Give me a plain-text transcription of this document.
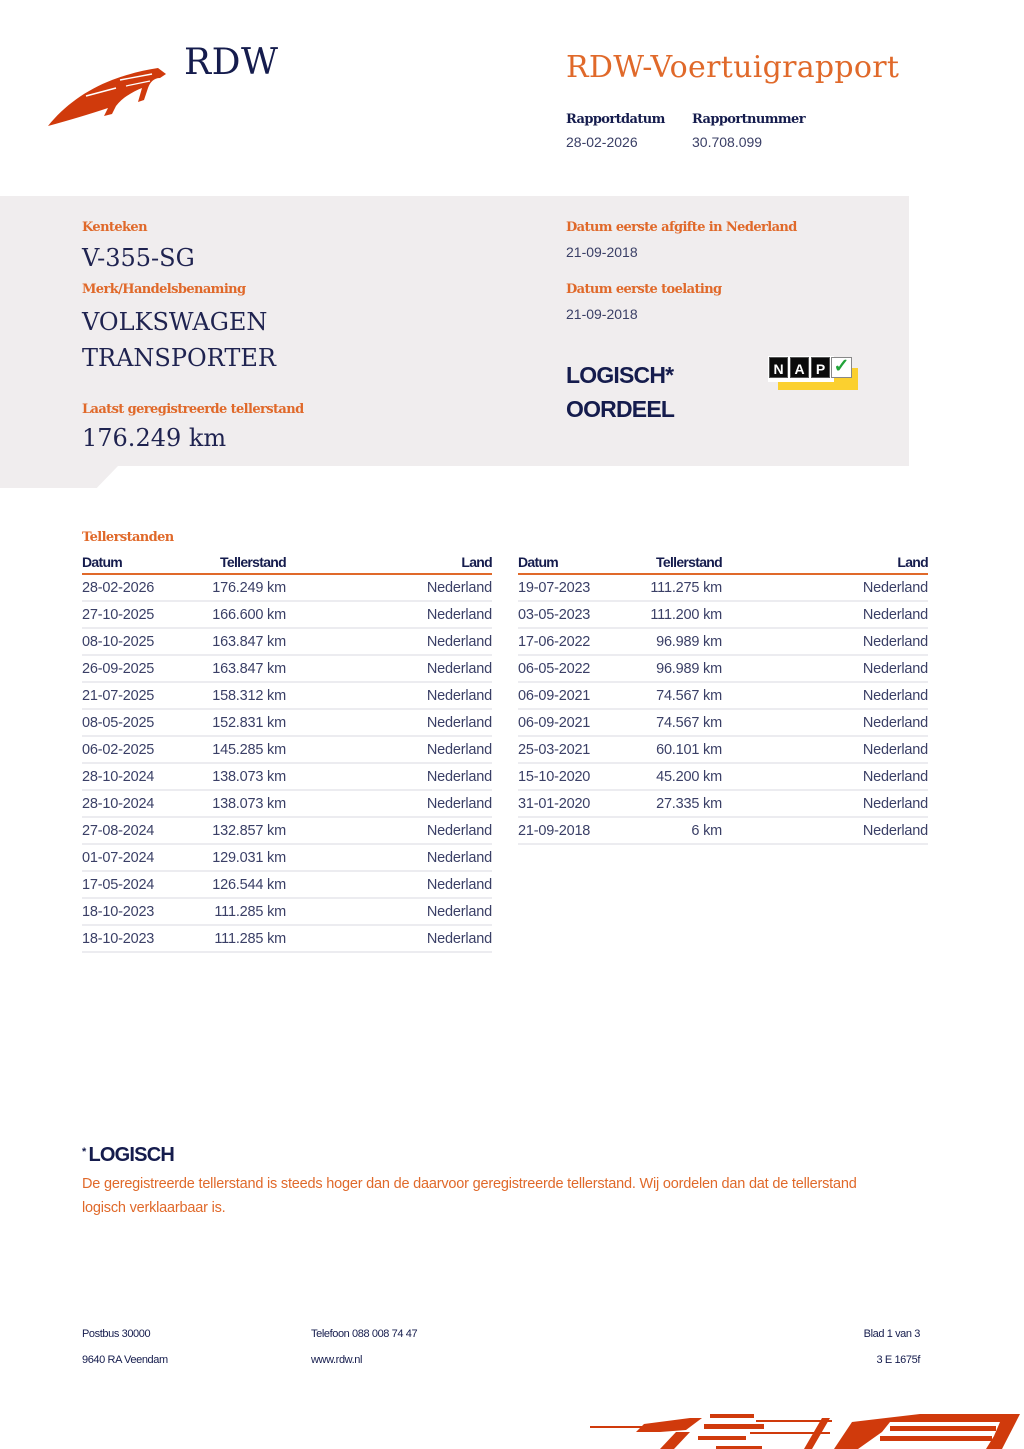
RDW	RDW-Voertuigrapport
Rapportdatum
28-02-2026
Rapportnummer
30.708.099
Kenteken
V-355-SG
Merk/Handelsbenaming
VOLKSWAGEN
TRANSPORTER
Laatst geregistreerde tellerstand
176.249 km
Datum eerste afgifte in Nederland
21-09-2018
Datum eerste toelating
21-09-2018
LOGISCH*
OORDEEL
N A P ✓
Tellerstanden
Datum	Tellerstand	Land
28-02-2026	176.249 km	Nederland
27-10-2025	166.600 km	Nederland
08-10-2025	163.847 km	Nederland
26-09-2025	163.847 km	Nederland
21-07-2025	158.312 km	Nederland
08-05-2025	152.831 km	Nederland
06-02-2025	145.285 km	Nederland
28-10-2024	138.073 km	Nederland
28-10-2024	138.073 km	Nederland
27-08-2024	132.857 km	Nederland
01-07-2024	129.031 km	Nederland
17-05-2024	126.544 km	Nederland
18-10-2023	111.285 km	Nederland
18-10-2023	111.285 km	Nederland
Datum	Tellerstand	Land
19-07-2023	111.275 km	Nederland
03-05-2023	111.200 km	Nederland
17-06-2022	96.989 km	Nederland
06-05-2022	96.989 km	Nederland
06-09-2021	74.567 km	Nederland
06-09-2021	74.567 km	Nederland
25-03-2021	60.101 km	Nederland
15-10-2020	45.200 km	Nederland
31-01-2020	27.335 km	Nederland
21-09-2018	6 km	Nederland
* LOGISCH
De geregistreerde tellerstand is steeds hoger dan de daarvoor geregistreerde tellerstand. Wij oordelen dan dat de tellerstand logisch verklaarbaar is.
Postbus 30000
9640 RA Veendam
Telefoon 088 008 74 47
www.rdw.nl
Blad 1 van 3
3 E 1675f
